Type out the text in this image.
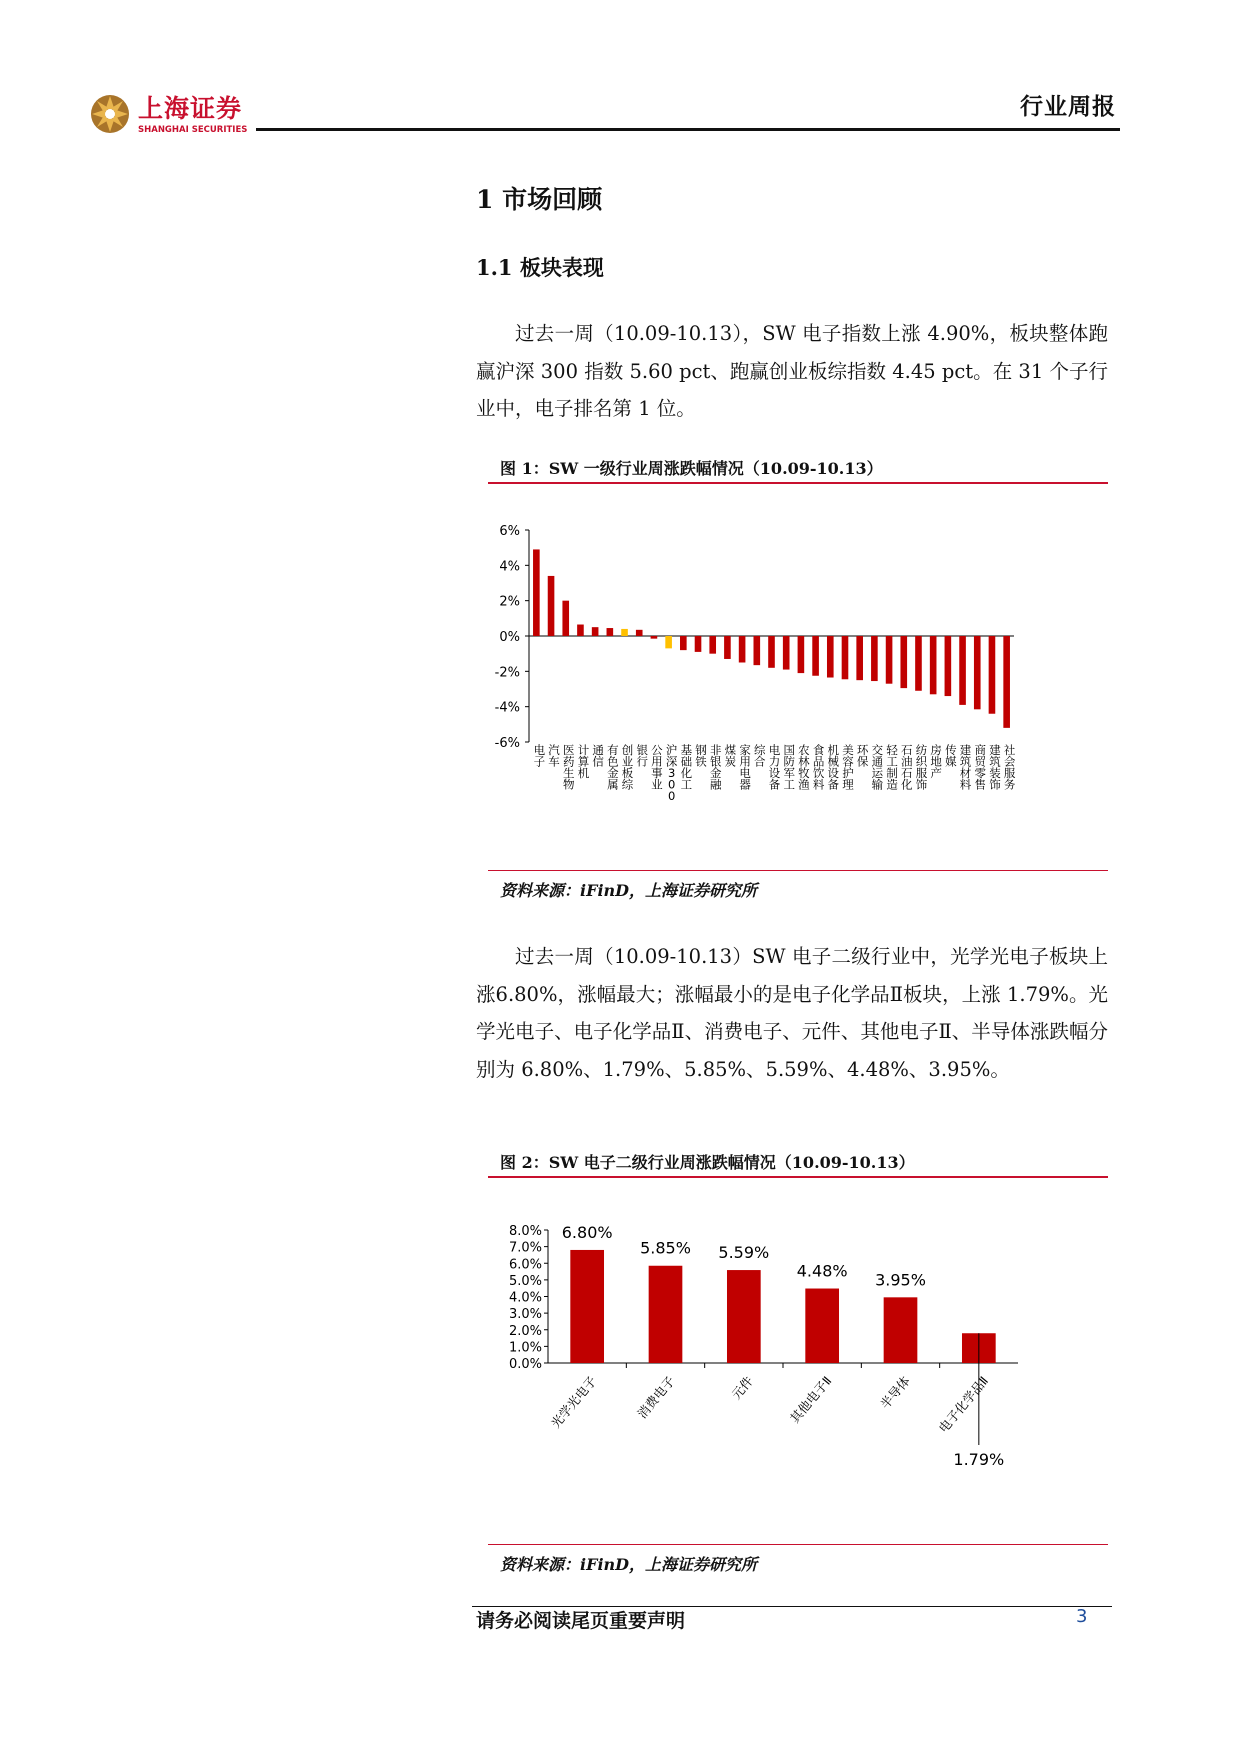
上海证券
SHANGHAI SECURITIES
行业周报
1 市场回顾
1.1 板块表现

过去一周（10.09-10.13），SW 电子指数上涨 4.90%，板块整体跑赢沪深 300 指数 5.60 pct、跑赢创业板综指数 4.45 pct。在 31 个子行业中，电子排名第 1 位。

图 1：SW 一级行业周涨跌幅情况（10.09-10.13）
6%
4%
2%
0%
-2%
-4%
-6% 电子
汽车
医药生物
计算机
通信
有色金属
创业板综
银行
公用事业
沪深 3 0 0
基础化工
钢铁
非银金融
煤炭
家用电器
综合
电力设备
国防军工
农林牧渔
食品饮料
机械设备
美容护理
环保
交通运输
轻工制造
石油石化
纺织服饰
房地产
传媒
建筑材料
商贸零售
建筑装饰
社会服务
资料来源：iFinD，上海证券研究所

过去一周（10.09-10.13）SW 电子二级行业中，光学光电子板块上涨6.80%，涨幅最大；涨幅最小的是电子化学品Ⅱ板块，上涨 1.79%。光学光电子、电子化学品Ⅱ、消费电子、元件、其他电子Ⅱ、半导体涨跌幅分别为 6.80%、1.79%、5.85%、5.59%、4.48%、3.95%。

图 2：SW 电子二级行业周涨跌幅情况（10.09-10.13）
8.0%
7.0%
6.0%
5.0%
4.0%
3.0%
2.0%
1.0%
0.0%
6.80%
5.85% 5.59%
4.48% 3.95%
1.79%
光学光电子	消费电子	元件 其他电子Ⅱ	半导体 电子化学品Ⅱ
资料来源：iFinD，上海证券研究所
请务必阅读尾页重要声明	3
